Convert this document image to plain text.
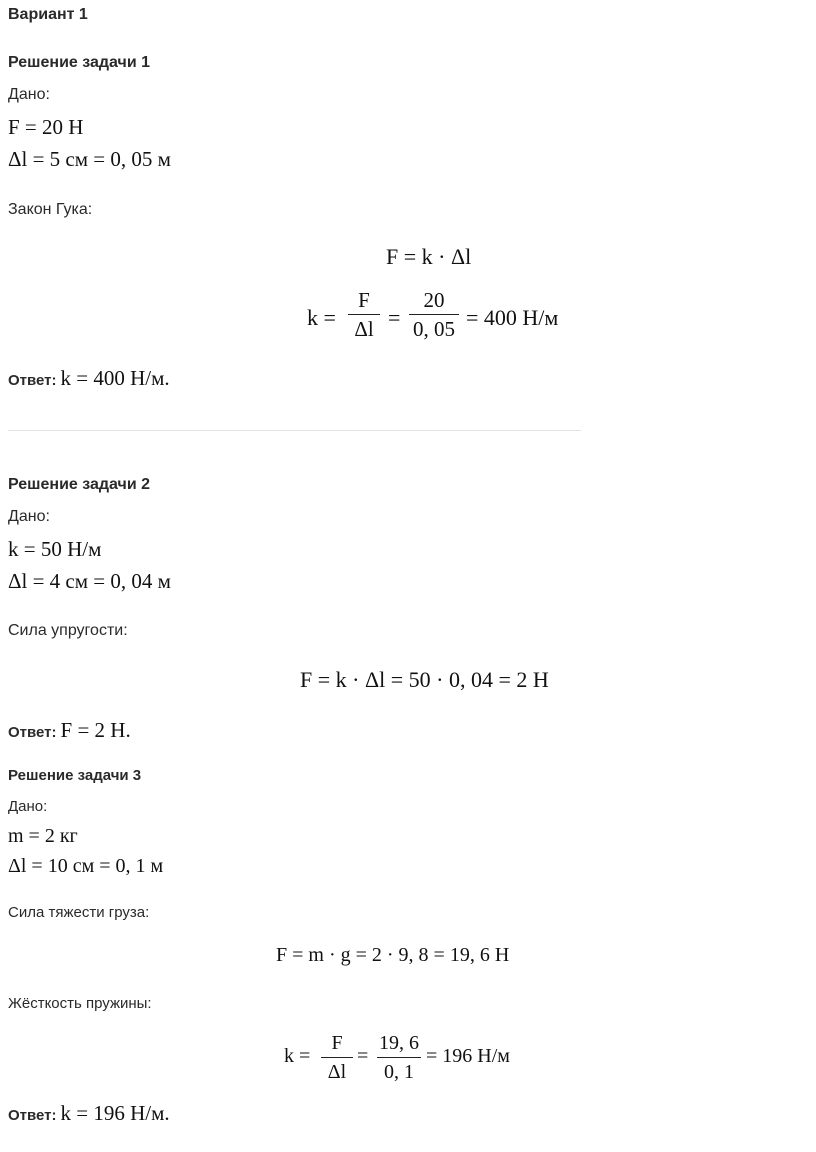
Вариант 1
Решение задачи 1
Дано:
F = 20 Н
Δl = 5 см = 0, 05 м
Закон Гука:
F = k · Δl
k =
F
Δl =
20
0, 05 = 400 Н/м
Ответ: k = 400 Н/м.
Решение задачи 2
Дано:
k = 50 Н/м
Δl = 4 см = 0, 04 м
Сила упругости:
F = k · Δl = 50 · 0, 04 = 2 Н
Ответ: F = 2 Н.
Решение задачи 3
Дано:
m = 2 кг
Δl = 10 см = 0, 1 м
Сила тяжести груза:
F = m · g = 2 · 9, 8 = 19, 6 Н
Жёсткость пружины:
k =
F
Δl
=
19, 6
0, 1
= 196 Н/м
Ответ: k = 196 Н/м.
